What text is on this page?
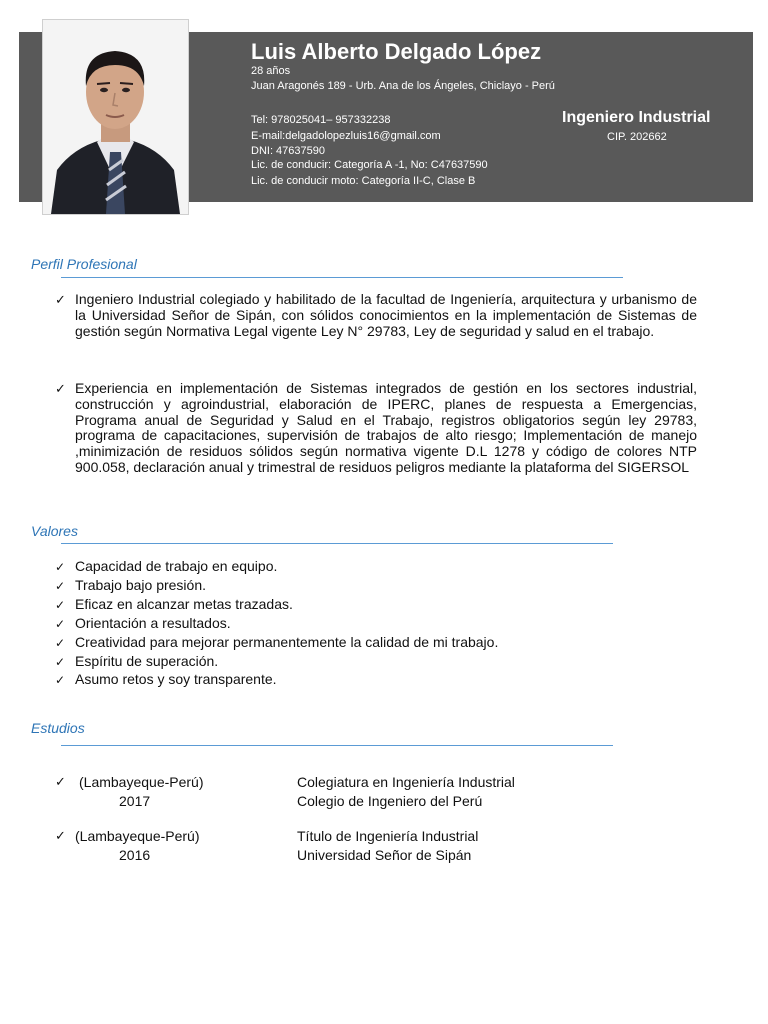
Luis Alberto Delgado López

28 años

Juan Aragonés 189 - Urb. Ana de los Ángeles, Chiclayo - Perú

Tel: 978025041– 957332238

E-mail:delgadolopezluis16@gmail.com

DNI: 47637590

Lic. de conducir: Categoría A -1, No: C47637590

Lic. de conducir moto: Categoría II-C, Clase B

Ingeniero Industrial

CIP. 202662

Perfil Profesional

✓ Ingeniero Industrial colegiado y habilitado de la facultad de Ingeniería, arquitectura y urbanismo de la Universidad Señor de Sipán, con sólidos conocimientos en la implementación de Sistemas de gestión según Normativa Legal vigente Ley N° 29783, Ley de seguridad y salud en el trabajo.

✓ Experiencia en implementación de Sistemas integrados de gestión en los sectores industrial, construcción y agroindustrial, elaboración de IPERC, planes de respuesta a Emergencias, Programa anual de Seguridad y Salud en el Trabajo, registros obligatorios según ley 29783, programa de capacitaciones, supervisión de trabajos de alto riesgo; Implementación de manejo ,minimización de residuos sólidos según normativa vigente D.L 1278 y código de colores NTP 900.058, declaración anual y trimestral de residuos peligros mediante la plataforma del SIGERSOL

Valores

✓ Capacidad de trabajo en equipo.
✓ Trabajo bajo presión.
✓ Eficaz en alcanzar metas trazadas.
✓ Orientación a resultados.
✓ Creatividad para mejorar permanentemente la calidad de mi trabajo.
✓ Espíritu de superación.
✓ Asumo retos y soy transparente.

Estudios

✓ (Lambayeque-Perú)

2017

Colegiatura en Ingeniería Industrial

Colegio de Ingeniero del Perú

✓ (Lambayeque-Perú)

2016

Título de Ingeniería Industrial

Universidad Señor de Sipán
